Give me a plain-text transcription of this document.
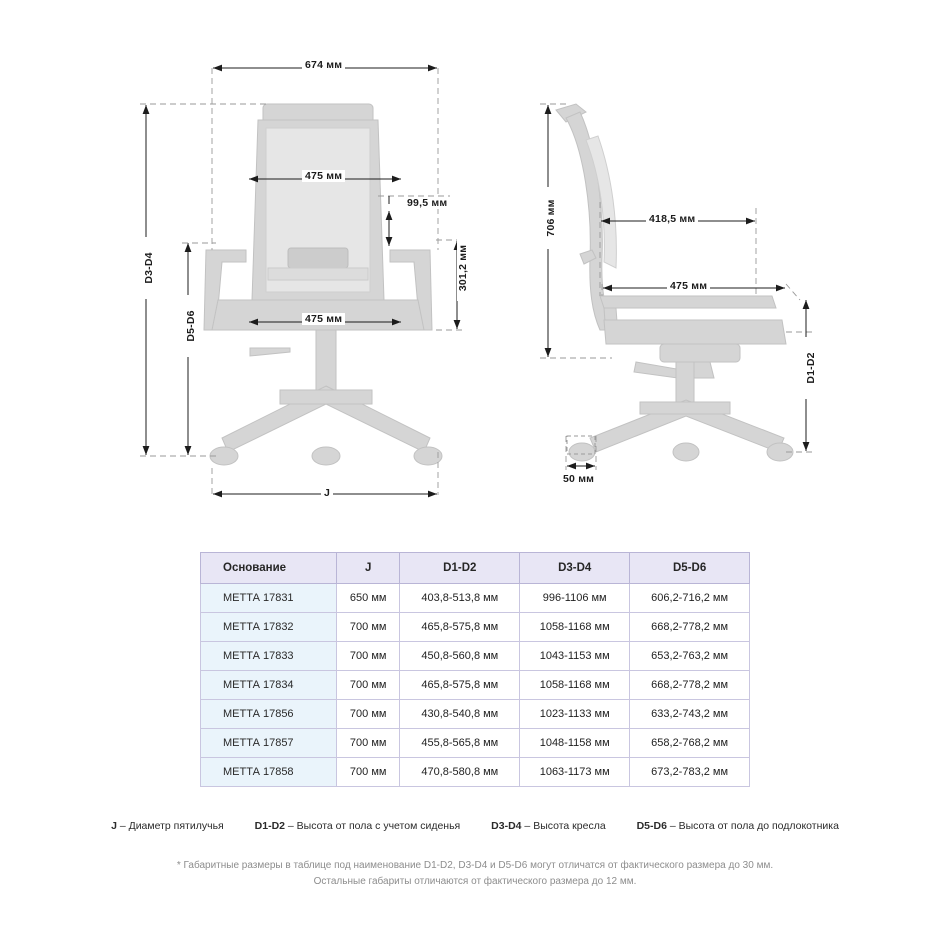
674 мм
475 мм
99,5 мм
301,2 мм
475 мм
D3-D4
D5-D6
J
706 мм	418,5 мм
475 мм
D1-D2
50 мм
Основание	J	D1-D2	D3-D4	D5-D6
МЕТТА 17831	650 мм	403,8-513,8 мм	996-1106 мм	606,2-716,2 мм
МЕТТА 17832	700 мм	465,8-575,8 мм	1058-1168 мм	668,2-778,2 мм
МЕТТА 17833	700 мм	450,8-560,8 мм	1043-1153 мм	653,2-763,2 мм
МЕТТА 17834	700 мм	465,8-575,8 мм	1058-1168 мм	668,2-778,2 мм
МЕТТА 17856	700 мм	430,8-540,8 мм	1023-1133 мм	633,2-743,2 мм
МЕТТА 17857	700 мм	455,8-565,8 мм	1048-1158 мм	658,2-768,2 мм
МЕТТА 17858	700 мм	470,8-580,8 мм	1063-1173 мм	673,2-783,2 мм
J – Диаметр пятилучья	D1-D2 – Высота от пола с учетом сиденья	D3-D4 – Высота кресла	D5-D6 – Высота от пола до подлокотника
* Габаритные размеры в таблице под наименование D1-D2, D3-D4 и D5-D6 могут отличатся от фактического размера до 30 мм.
Остальные габариты отличаются от фактического размера до 12 мм.
